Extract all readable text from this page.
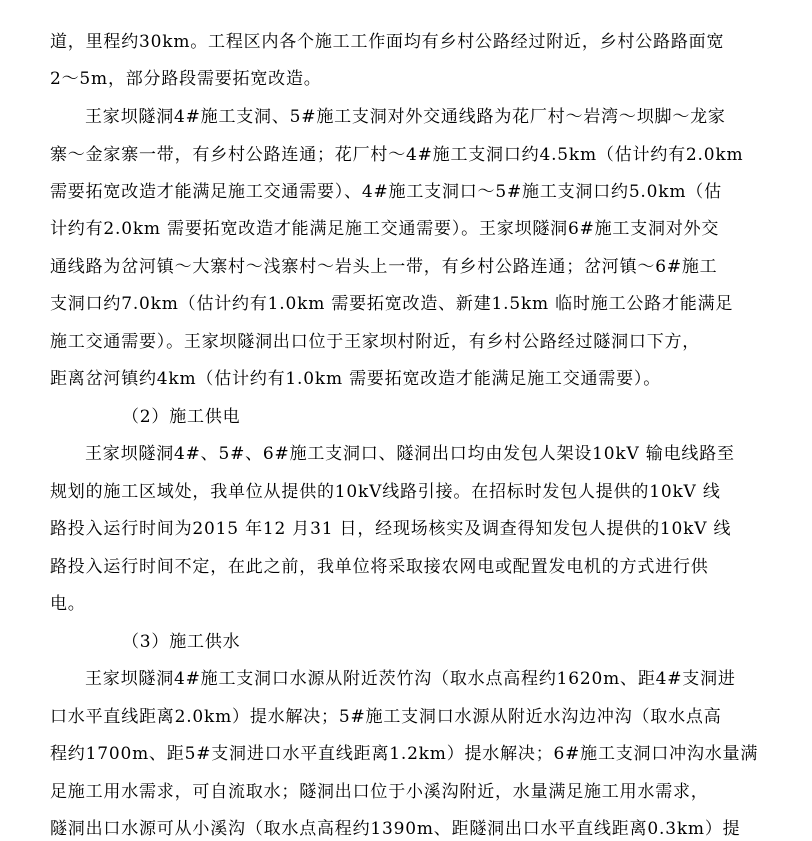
道，里程约30km。工程区内各个施工工作面均有乡村公路经过附近，乡村公路路面宽
2～5m，部分路段需要拓宽改造。
王家坝隧洞4#施工支洞、5#施工支洞对外交通线路为花厂村～岩湾～坝脚～龙家
寨～金家寨一带，有乡村公路连通；花厂村～4#施工支洞口约4.5km（估计约有2.0km
需要拓宽改造才能满足施工交通需要）、4#施工支洞口～5#施工支洞口约5.0km（估
计约有2.0km 需要拓宽改造才能满足施工交通需要）。王家坝隧洞6#施工支洞对外交
通线路为岔河镇～大寨村～浅寨村～岩头上一带，有乡村公路连通；岔河镇～6#施工
支洞口约7.0km（估计约有1.0km 需要拓宽改造、新建1.5km 临时施工公路才能满足
施工交通需要）。王家坝隧洞出口位于王家坝村附近，有乡村公路经过隧洞口下方，
距离岔河镇约4km（估计约有1.0km 需要拓宽改造才能满足施工交通需要）。
（2）施工供电
王家坝隧洞4#、5#、6#施工支洞口、隧洞出口均由发包人架设10kV 输电线路至
规划的施工区域处，我单位从提供的10kV线路引接。在招标时发包人提供的10kV 线
路投入运行时间为2015 年12 月31 日，经现场核实及调查得知发包人提供的10kV 线
路投入运行时间不定，在此之前，我单位将采取接农网电或配置发电机的方式进行供
电。
（3）施工供水
王家坝隧洞4#施工支洞口水源从附近茨竹沟（取水点高程约1620m、距4#支洞进
口水平直线距离2.0km）提水解决；5#施工支洞口水源从附近水沟边冲沟（取水点高
程约1700m、距5#支洞进口水平直线距离1.2km）提水解决；6#施工支洞口冲沟水量满
足施工用水需求，可自流取水；隧洞出口位于小溪沟附近，水量满足施工用水需求，
隧洞出口水源可从小溪沟（取水点高程约1390m、距隧洞出口水平直线距离0.3km）提
